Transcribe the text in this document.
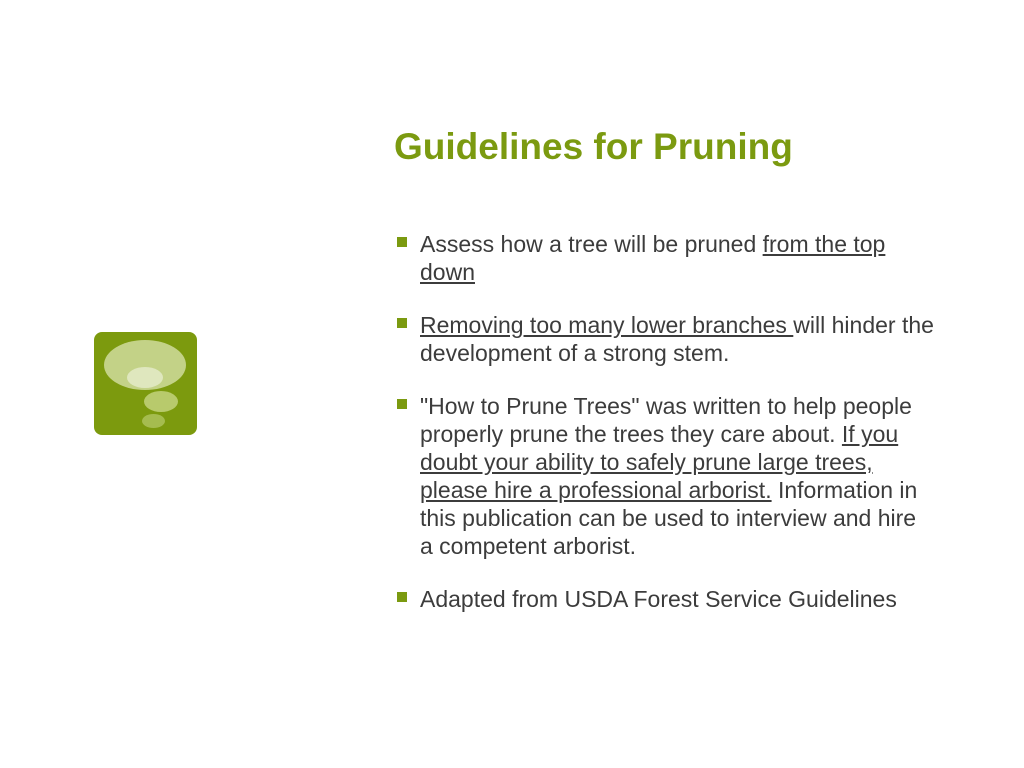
Guidelines for Pruning
Assess how a tree will be pruned from the top down
Removing too many lower branches will hinder the development of a strong stem.
"How to Prune Trees" was written to help people properly prune the trees they care about. If you doubt your ability to safely prune large trees, please hire a professional arborist. Information in this publication can be used to interview and hire a competent arborist.
Adapted from USDA Forest Service Guidelines
